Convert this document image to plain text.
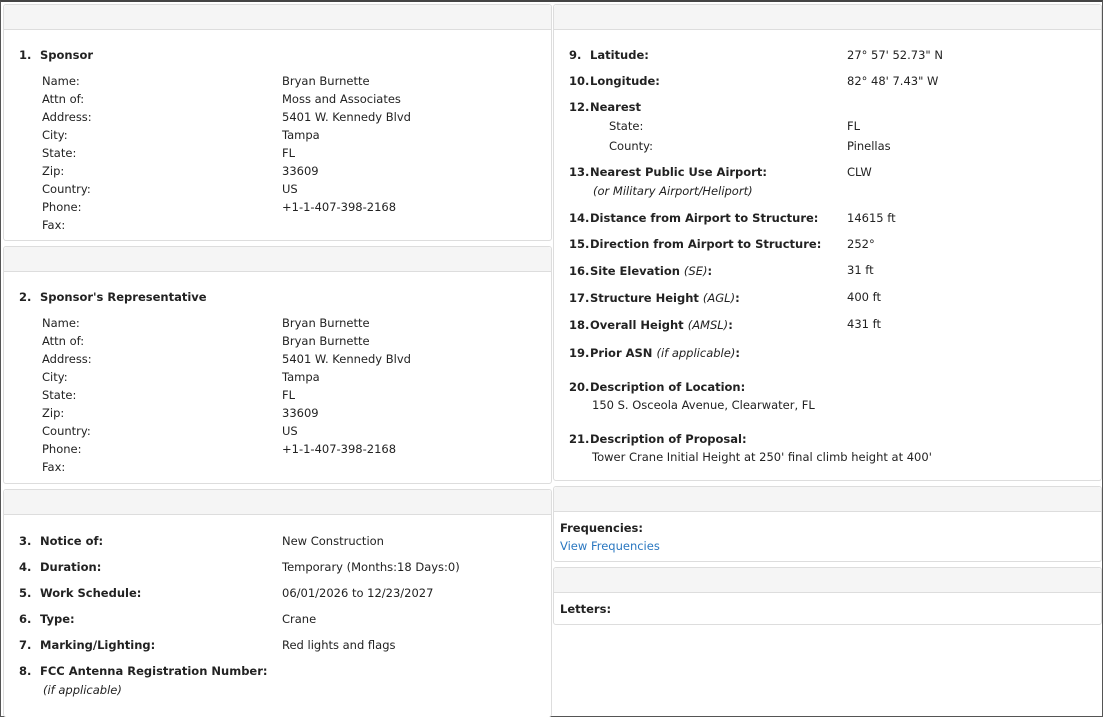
1. Sponsor
Name:	Bryan Burnette
Attn of:	Moss and Associates
Address:	5401 W. Kennedy Blvd
City:	Tampa
State:	FL
Zip:	33609
Country:	US
Phone:	+1-1-407-398-2168
Fax:
2. Sponsor's Representative
Name:	Bryan Burnette
Attn of:	Bryan Burnette
Address:	5401 W. Kennedy Blvd
City:	Tampa
State:	FL
Zip:	33609
Country:	US
Phone:	+1-1-407-398-2168
Fax:
3. Notice of:	New Construction
4. Duration:	Temporary (Months:18 Days:0)
5. Work Schedule:	06/01/2026 to 12/23/2027
6. Type:	Crane
7. Marking/Lighting:	Red lights and flags
8. FCC Antenna Registration Number:
(if applicable)
9. Latitude:	27° 57' 52.73" N
10.Longitude:	82° 48' 7.43" W
12.Nearest
State:	FL
County:	Pinellas
13.Nearest Public Use Airport:
(or Military Airport/Heliport)
CLW
14.Distance from Airport to Structure: 14615 ft
15.Direction from Airport to Structure: 252°
16.Site Elevation (SE):	31 ft
17.Structure Height (AGL):	400 ft
18.Overall Height (AMSL):	431 ft
19.Prior ASN (if applicable):
20.Description of Location:
150 S. Osceola Avenue, Clearwater, FL
21.Description of Proposal:
Tower Crane Initial Height at 250' final climb height at 400'
Frequencies:
View Frequencies
Letters:
